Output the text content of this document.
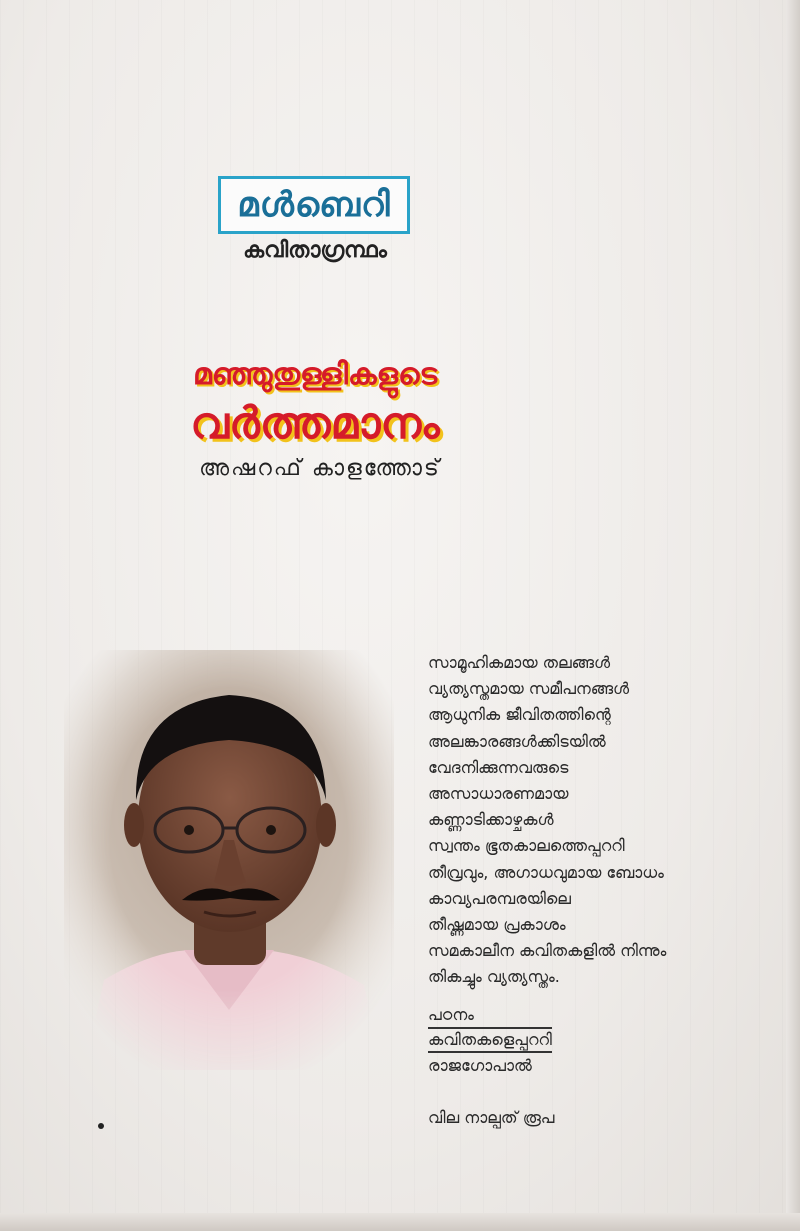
മൾബെറി
കവിതാഗ്രന്ഥം
മഞ്ഞുതുള്ളികളുടെ
വർത്തമാനം
അഷറഫ് കാളത്തോട്
സാമൂഹികമായ തലങ്ങൾ
വ്യത്യസ്തമായ സമീപനങ്ങൾ
ആധുനിക ജീവിതത്തിന്റെ
അലങ്കാരങ്ങൾക്കിടയിൽ
വേദനിക്കുന്നവരുടെ
അസാധാരണമായ
കണ്ണാടിക്കാഴ്ചകൾ
സ്വന്തം ഭൂതകാലത്തെപ്പററി
തീവ്രവും, അഗാധവുമായ ബോധം
കാവ്യപരമ്പരയിലെ
തീഷ്ണമായ പ്രകാശം
സമകാലീന കവിതകളിൽ നിന്നും
തികച്ചും വ്യത്യസ്തം.
പഠനം
കവിതകളെപ്പററി
രാജഗോപാൽ
വില നാല്പത് രൂപ
